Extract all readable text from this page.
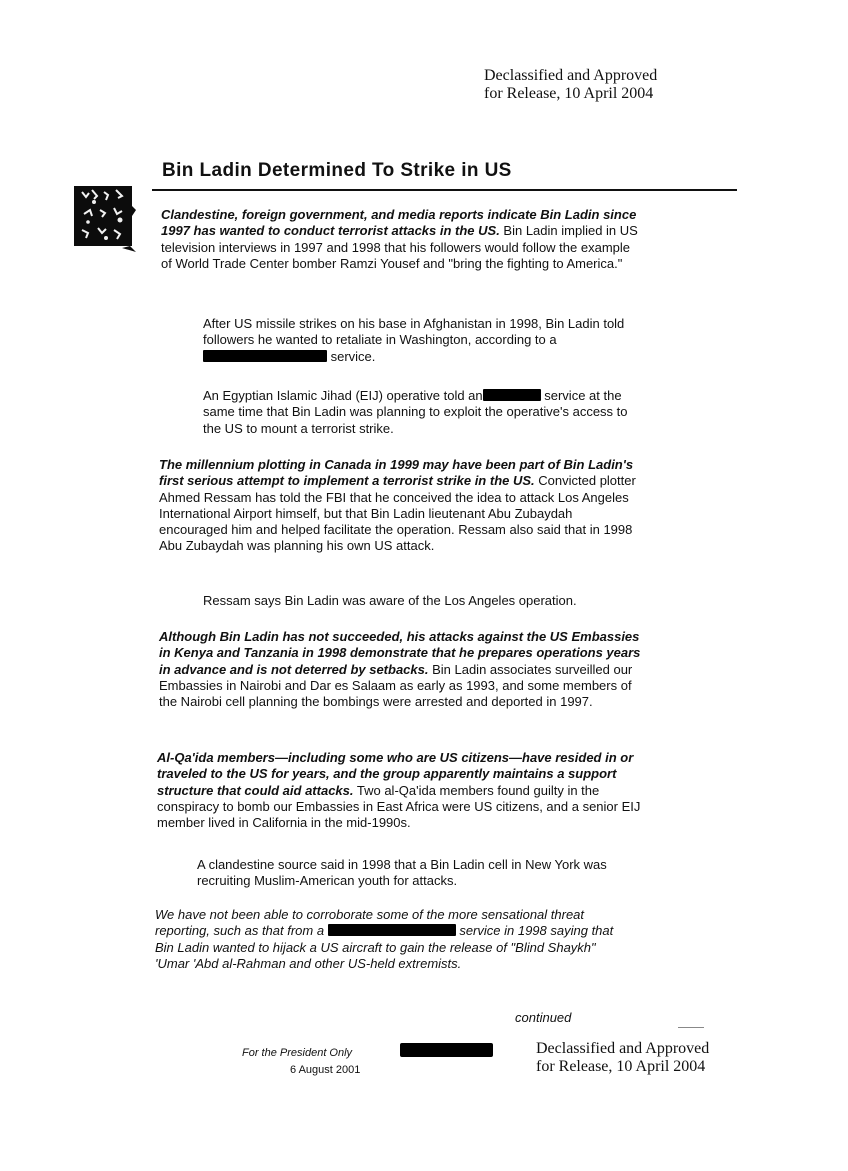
Declassified and Approved
for Release, 10 April 2004
Bin Ladin Determined To Strike in US

Clandestine, foreign government, and media reports indicate Bin Ladin since 1997 has wanted to conduct terrorist attacks in the US. Bin Ladin implied in US television interviews in 1997 and 1998 that his followers would follow the example of World Trade Center bomber Ramzi Yousef and "bring the fighting to America."

After US missile strikes on his base in Afghanistan in 1998, Bin Ladin told followers he wanted to retaliate in Washington, according to a  service.

An Egyptian Islamic Jihad (EIJ) operative told an	service at the same time that Bin Ladin was planning to exploit the operative's access to the US to mount a terrorist strike.

The millennium plotting in Canada in 1999 may have been part of Bin Ladin's first serious attempt to implement a terrorist strike in the US. Convicted plotter Ahmed Ressam has told the FBI that he conceived the idea to attack Los Angeles International Airport himself, but that Bin Ladin lieutenant Abu Zubaydah encouraged him and helped facilitate the operation. Ressam also said that in 1998 Abu Zubaydah was planning his own US attack.

Ressam says Bin Ladin was aware of the Los Angeles operation.

Although Bin Ladin has not succeeded, his attacks against the US Embassies in Kenya and Tanzania in 1998 demonstrate that he prepares operations years in advance and is not deterred by setbacks. Bin Ladin associates surveilled our Embassies in Nairobi and Dar es Salaam as early as 1993, and some members of the Nairobi cell planning the bombings were arrested and deported in 1997.

Al-Qa'ida members—including some who are US citizens—have resided in or traveled to the US for years, and the group apparently maintains a support structure that could aid attacks. Two al-Qa'ida members found guilty in the conspiracy to bomb our Embassies in East Africa were US citizens, and a senior EIJ member lived in California in the mid-1990s.

A clandestine source said in 1998 that a Bin Ladin cell in New York was recruiting Muslim-American youth for attacks.

We have not been able to corroborate some of the more sensational threat reporting, such as that from a	service in 1998 saying that Bin Ladin wanted to hijack a US aircraft to gain the release of "Blind Shaykh" 'Umar 'Abd al-Rahman and other US-held extremists.

continued
For the President Only
6 August 2001
Declassified and Approved
for Release, 10 April 2004
